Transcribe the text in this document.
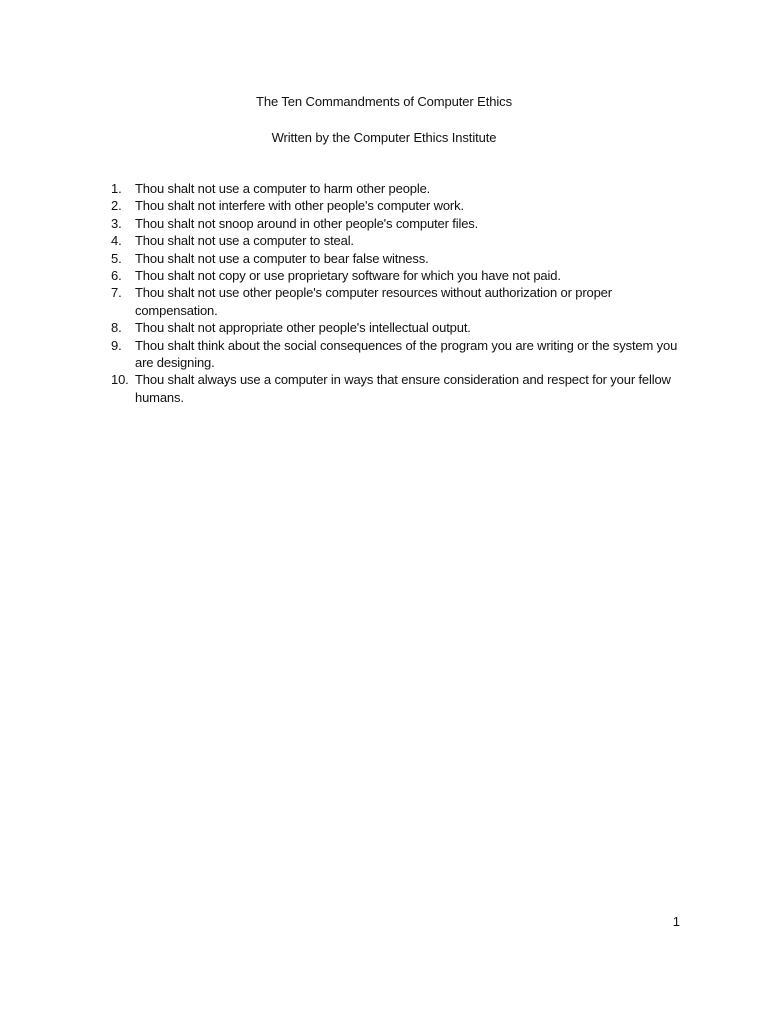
The Ten Commandments of Computer Ethics
Written by the Computer Ethics Institute
1.	Thou shalt not use a computer to harm other people.
2.	Thou shalt not interfere with other people's computer work.
3.	Thou shalt not snoop around in other people's computer files.
4.	Thou shalt not use a computer to steal.
5.	Thou shalt not use a computer to bear false witness.
6.	Thou shalt not copy or use proprietary software for which you have not paid.
7.	Thou shalt not use other people's computer resources without authorization or proper compensation.
8.	Thou shalt not appropriate other people's intellectual output.
9.	Thou shalt think about the social consequences of the program you are writing or the system you are designing.
10. Thou shalt always use a computer in ways that ensure consideration and respect for your fellow humans.
1
